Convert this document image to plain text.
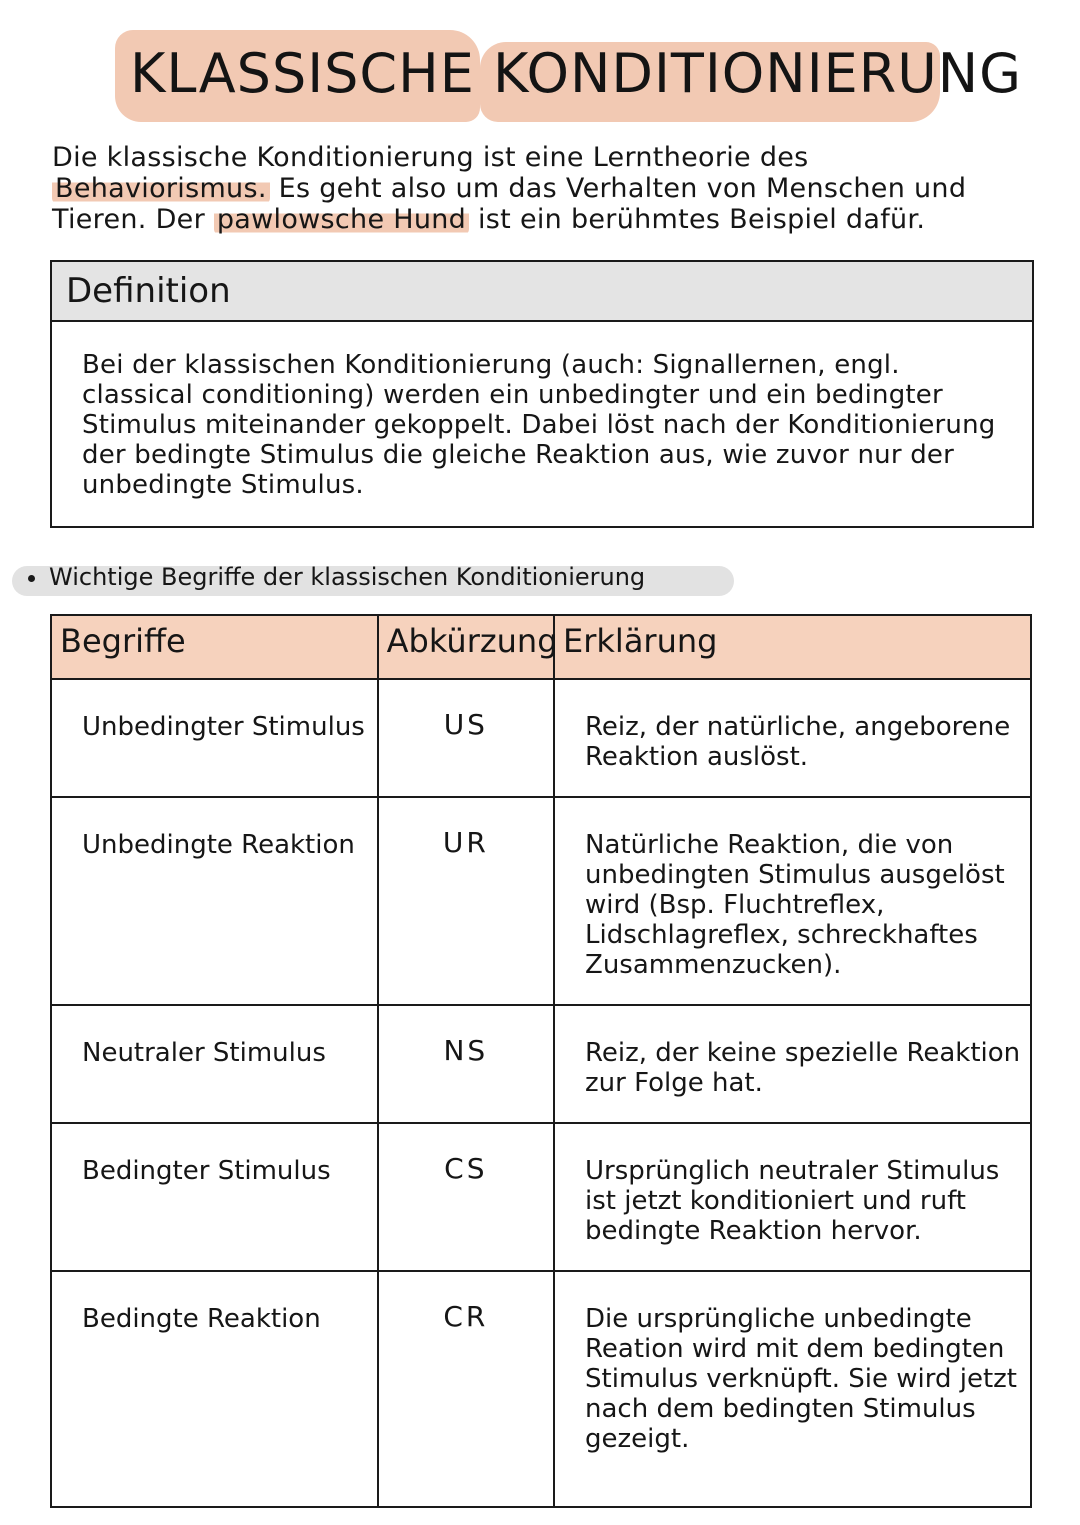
KLASSISCHE KONDITIONIERUNG
Die klassische Konditionierung ist eine Lerntheorie des
Behaviorismus. Es geht also um das Verhalten von Menschen und Tieren. Der pawlowsche Hund ist ein berühmtes Beispiel dafür.
Definition
Bei der klassischen Konditionierung (auch: Signallernen, engl. classical conditioning) werden ein unbedingter und ein bedingter Stimulus miteinander gekoppelt. Dabei löst nach der Konditionierung der bedingte Stimulus die gleiche Reaktion aus, wie zuvor nur der unbedingte Stimulus.
Wichtige Begriffe der klassischen Konditionierung
Begriffe	Abkürzung	Erklärung
Unbedingter Stimulus	US	Reiz, der natürliche, angeborene Reaktion auslöst.
Unbedingte Reaktion	UR	Natürliche Reaktion, die von unbedingten Stimulus ausgelöst wird (Bsp. Fluchtreflex, Lidschlagreflex, schreckhaftes Zusammenzucken).
Neutraler Stimulus	NS	Reiz, der keine spezielle Reaktion zur Folge hat.
Bedingter Stimulus	CS	Ursprünglich neutraler Stimulus ist jetzt konditioniert und ruft bedingte Reaktion hervor.
Bedingte Reaktion	CR	Die ursprüngliche unbedingte Reation wird mit dem bedingten Stimulus verknüpft. Sie wird jetzt nach dem bedingten Stimulus gezeigt.
